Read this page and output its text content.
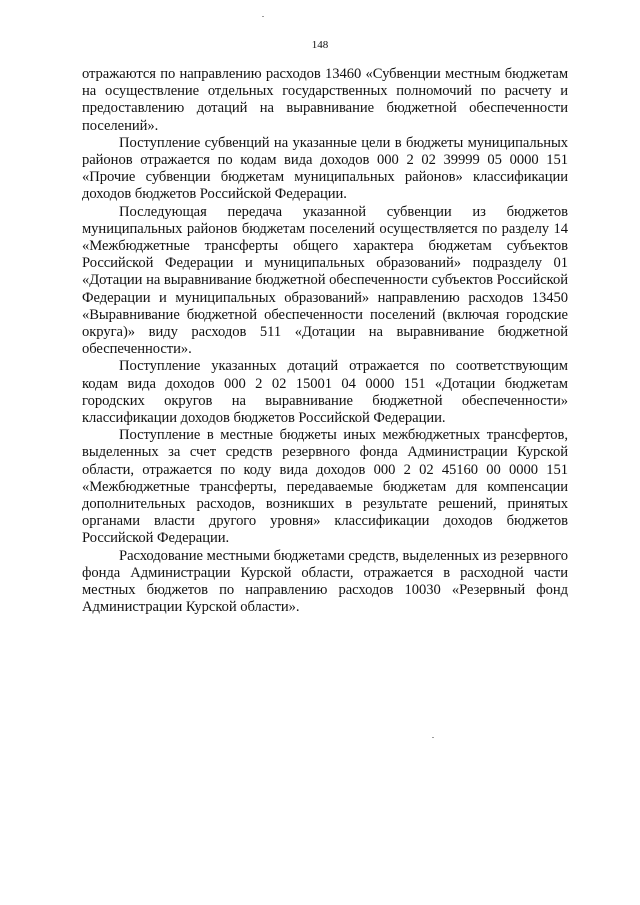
148

отражаются по направлению расходов 13460 «Субвенции местным бюджетам на осуществление отдельных государственных полномочий по расчету и предоставлению дотаций на выравнивание бюджетной обеспеченности поселений».

Поступление субвенций на указанные цели в бюджеты муниципальных районов отражается по кодам вида доходов 000 2 02 39999 05 0000 151 «Прочие субвенции бюджетам муниципальных районов» классификации доходов бюджетов Российской Федерации.

Последующая передача указанной субвенции из бюджетов муниципальных районов бюджетам поселений осуществляется по разделу 14 «Межбюджетные трансферты общего характера бюджетам субъектов Российской Федерации и муниципальных образований» подразделу 01 «Дотации на выравнивание бюджетной обеспеченности субъектов Российской Федерации и муниципальных образований» направлению расходов 13450 «Выравнивание бюджетной обеспеченности поселений (включая городские округа)» виду расходов 511 «Дотации на выравнивание бюджетной обеспеченности».

Поступление указанных дотаций отражается по соответствующим кодам вида доходов 000 2 02 15001 04 0000 151 «Дотации бюджетам городских округов на выравнивание бюджетной обеспеченности» классификации доходов бюджетов Российской Федерации.

Поступление в местные бюджеты иных межбюджетных трансфертов, выделенных за счет средств резервного фонда Администрации Курской области, отражается по коду вида доходов 000 2 02 45160 00 0000 151 «Межбюджетные трансферты, передаваемые бюджетам для компенсации дополнительных расходов, возникших в результате решений, принятых органами власти другого уровня» классификации доходов бюджетов Российской Федерации.

Расходование местными бюджетами средств, выделенных из резервного фонда Администрации Курской области, отражается в расходной части местных бюджетов по направлению расходов 10030 «Резервный фонд Администрации Курской области».
